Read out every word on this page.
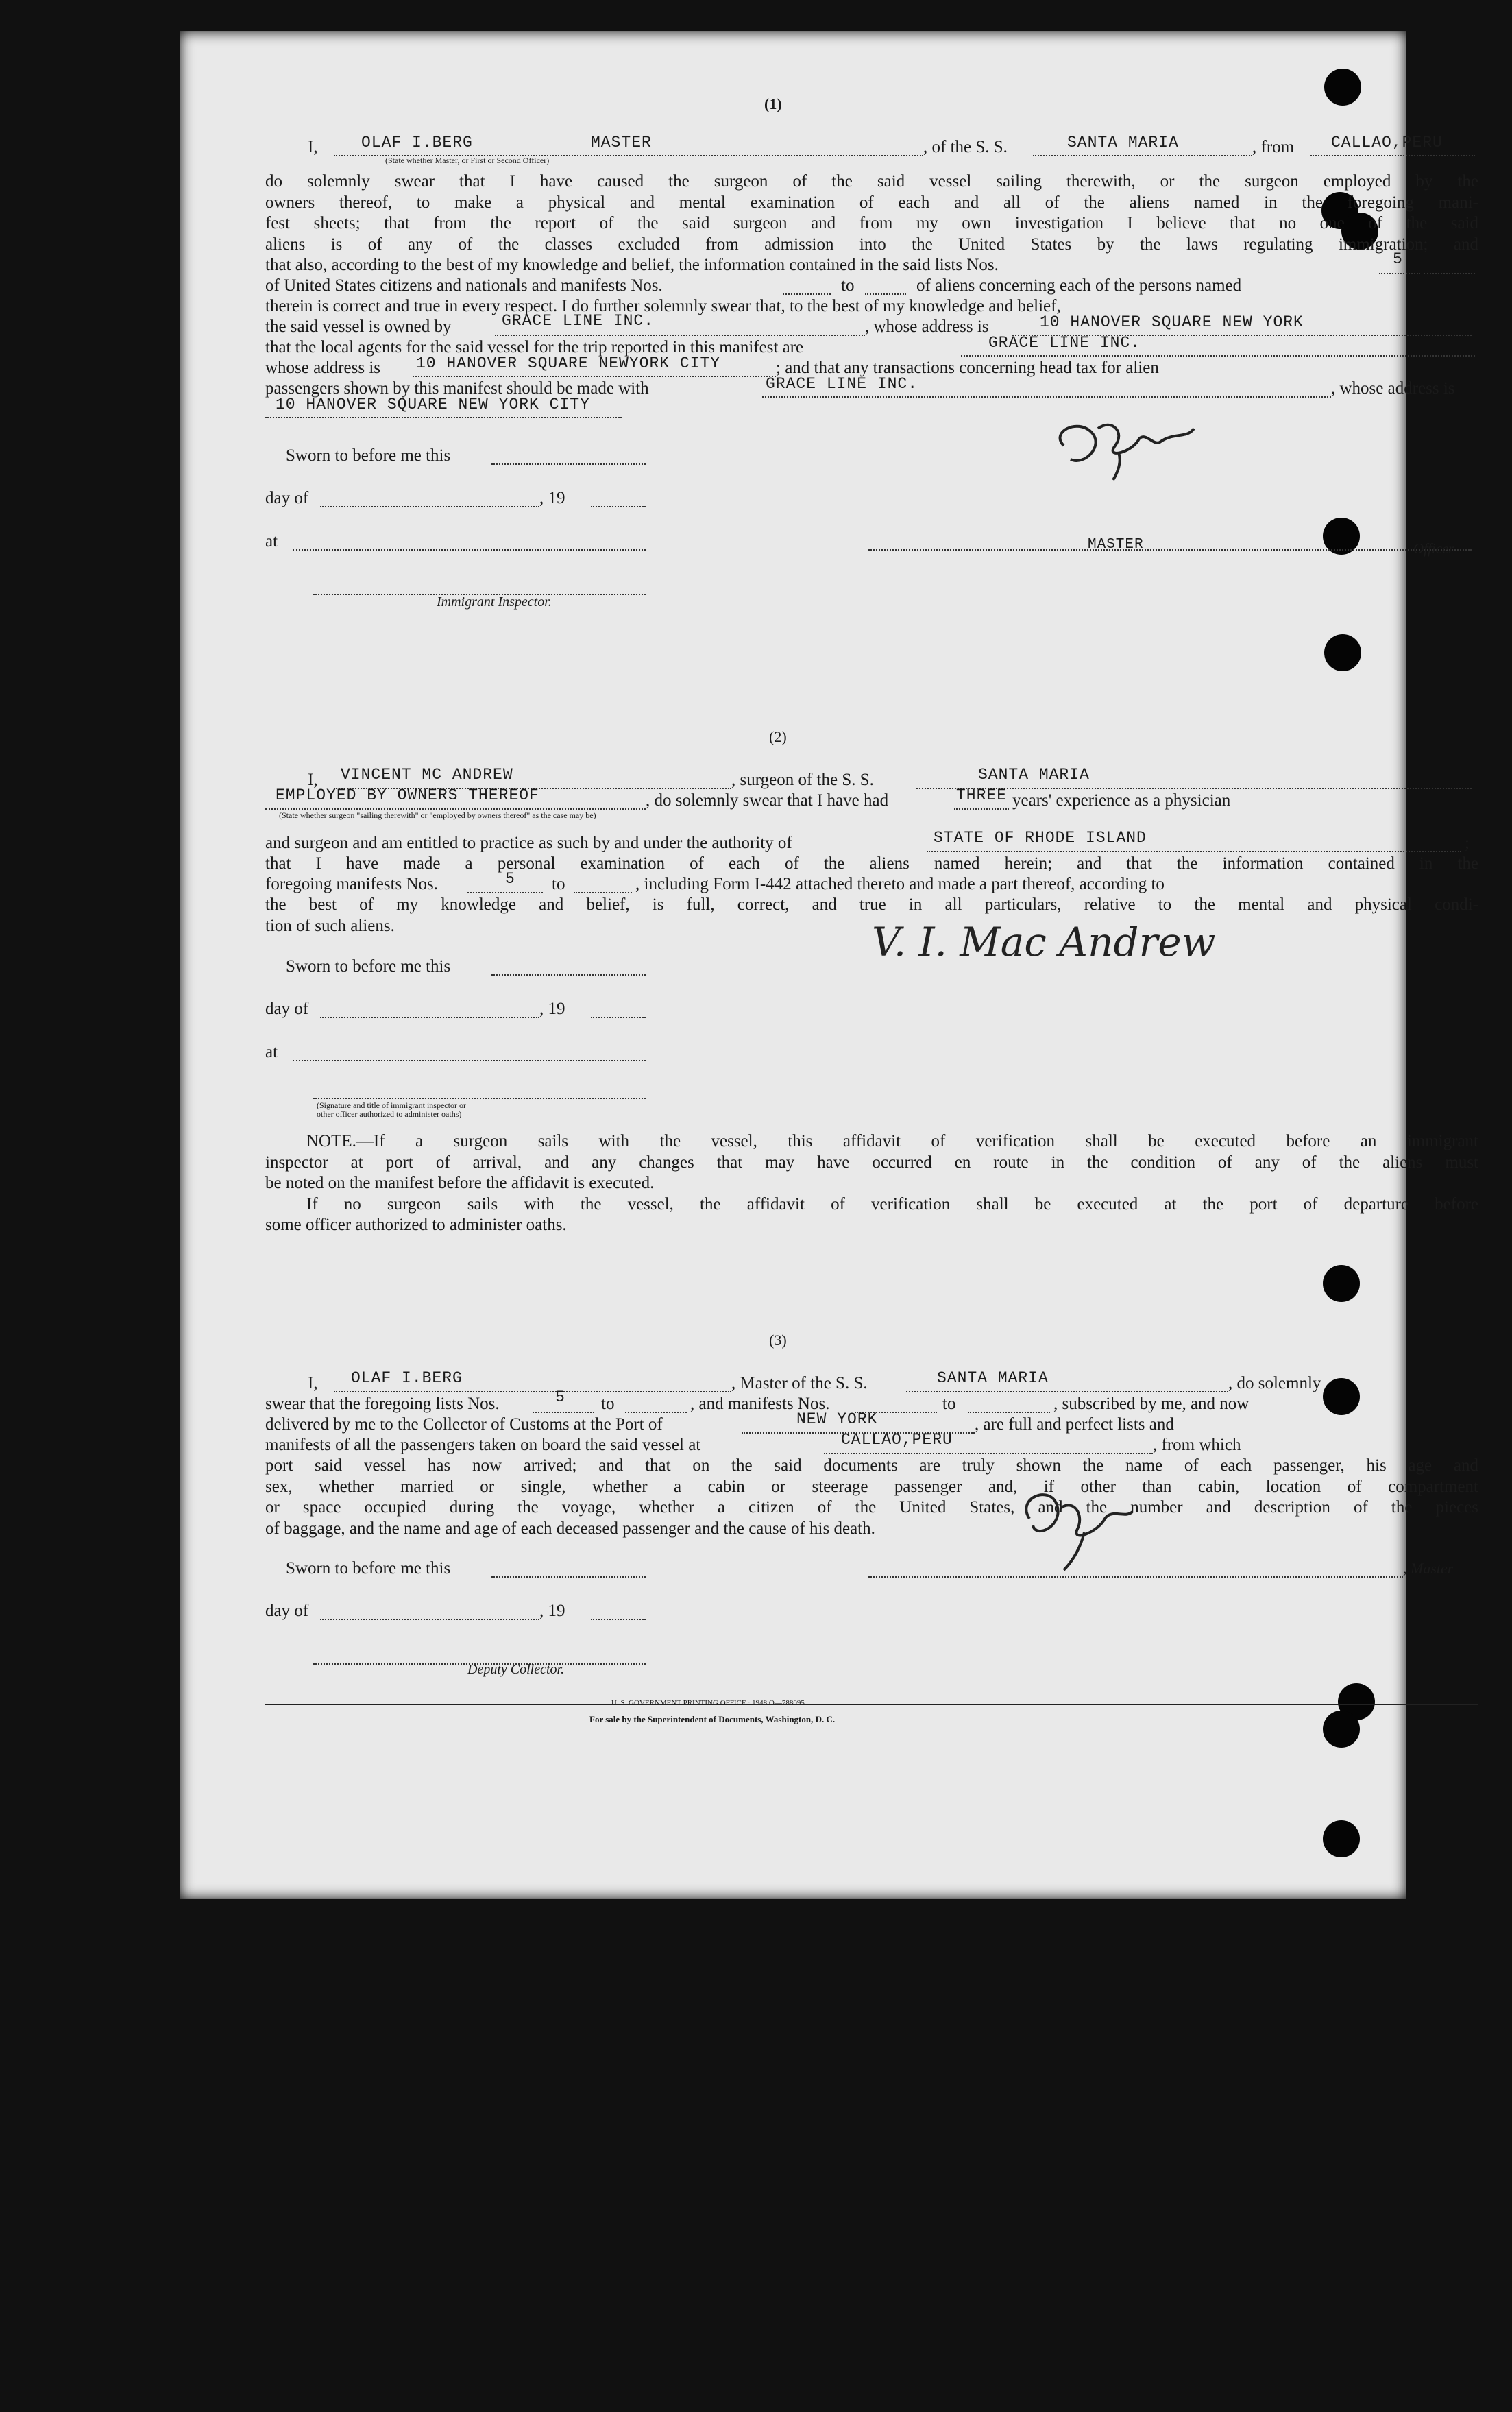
(1)
I,	OLAF I.BERG	MASTER
(State whether Master, or First or Second Officer)
, of the S. S.	SANTA MARIA	, from CALLAO,PERU
do solemnly swear that I have caused the surgeon of the said vessel sailing therewith, or the surgeon employed by the
owners thereof, to make a physical and mental examination of each and all of the aliens named in the foregoing mani-
fest sheets; that from the report of the said surgeon and from my own investigation I believe that no one of the said
aliens is of any of the classes excluded from admission into the United States by the laws regulating immigration; and
that also, according to the best of my knowledge and belief, the information contained in the said lists Nos.	5
of United States citizens and nationals and manifests Nos.	to	of aliens concerning each of the persons named
therein is correct and true in every respect. I do further solemnly swear that, to the best of my knowledge and belief,
the said vessel is owned by	GRACE LINE INC.	, whose address is	10 HANOVER SQUARE NEW YORK
that the local agents for the said vessel for the trip reported in this manifest are	GRACE LINE INC.
whose address is 10 HANOVER SQUARE NEWYORK CITY	; and that any transactions concerning head tax for alien
passengers shown by this manifest should be made with	GRACE LINE INC.	, whose address is
10 HANOVER SQUARE NEW YORK CITY
Sworn to before me this
day of	, 19
at
Immigrant Inspector.
MASTER	Officer
(2)
I, VINCENT MC ANDREW	, surgeon of the S. S.	SANTA MARIA
EMPLOYED BY OWNERS THEREOF	, do solemnly swear that I have had	THREE years' experience as a physician
(State whether surgeon "sailing therewith" or "employed by owners thereof" as the case may be)
and surgeon and am entitled to practice as such by and under the authority of	STATE OF RHODE ISLAND	;
that I have made a personal examination of each of the aliens named herein; and that the information contained in the
foregoing manifests Nos.	5 to	, including Form I-442 attached thereto and made a part thereof, according to
the best of my knowledge and belief, is full, correct, and true in all particulars, relative to the mental and physical condi-
tion of such aliens.
Sworn to before me this
day of	, 19
at
(Signature and title of immigrant inspector or
other officer authorized to administer oaths)
V. I. Mac Andrew
NOTE.—If a surgeon sails with the vessel, this affidavit of verification shall be executed before an immigrant
inspector at port of arrival, and any changes that may have occurred en route in the condition of any of the aliens must
be noted on the manifest before the affidavit is executed.
If no surgeon sails with the vessel, the affidavit of verification shall be executed at the port of departure before
some officer authorized to administer oaths.
(3)
I, OLAF I.BERG	, Master of the S. S.	SANTA MARIA	, do solemnly
swear that the foregoing lists Nos.	5 to	, and manifests Nos.	to	, subscribed by me, and now
delivered by me to the Collector of Customs at the Port of	NEW YORK	, are full and perfect lists and
manifests of all the passengers taken on board the said vessel at	CALLAO,PERU	, from which
port said vessel has now arrived; and that on the said documents are truly shown the name of each passenger, his age and
sex, whether married or single, whether a cabin or steerage passenger and, if other than cabin, location of compartment
or space occupied during the voyage, whether a citizen of the United States, and the number and description of the pieces
of baggage, and the name and age of each deceased passenger and the cause of his death.
Sworn to before me this
day of	, 19
Deputy Collector.
, Master
U. S. GOVERNMENT PRINTING OFFICE : 1948 O—788095
For sale by the Superintendent of Documents, Washington, D. C.
